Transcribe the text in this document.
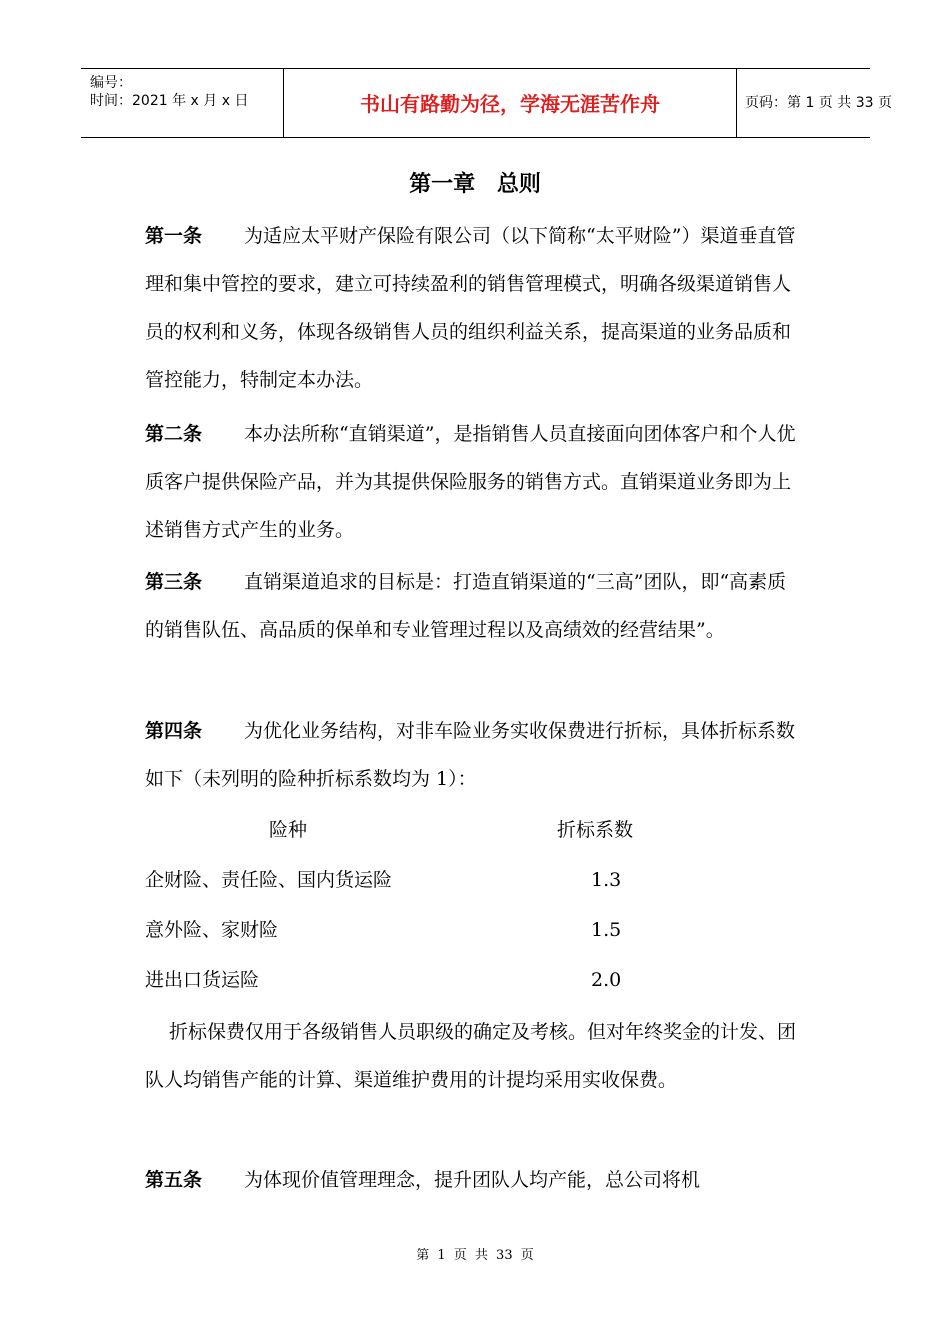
编号：
时间：2021 年 x 月 x 日	书山有路勤为径，学海无涯苦作舟	页码：第 1 页 共 33 页
第一章 总则
第一条 为适应太平财产保险有限公司（以下简称“太平财险”）渠道垂直管理和集中管控的要求，建立可持续盈利的销售管理模式，明确各级渠道销售人员的权利和义务，体现各级销售人员的组织利益关系，提高渠道的业务品质和管控能力，特制定本办法。
第二条 本办法所称“直销渠道”，是指销售人员直接面向团体客户和个人优质客户提供保险产品，并为其提供保险服务的销售方式。直销渠道业务即为上述销售方式产生的业务。
第三条 直销渠道追求的目标是：打造直销渠道的“三高”团队，即“高素质的销售队伍、高品质的保单和专业管理过程以及高绩效的经营结果”。
第四条 为优化业务结构，对非车险业务实收保费进行折标，具体折标系数如下（未列明的险种折标系数均为 1）：
险种	折标系数
企财险、责任险、国内货运险	1.3
意外险、家财险	1.5
进出口货运险	2.0
折标保费仅用于各级销售人员职级的确定及考核。但对年终奖金的计发、团队人均销售产能的计算、渠道维护费用的计提均采用实收保费。
第五条 为体现价值管理理念，提升团队人均产能，总公司将机
第 1 页 共 33 页
